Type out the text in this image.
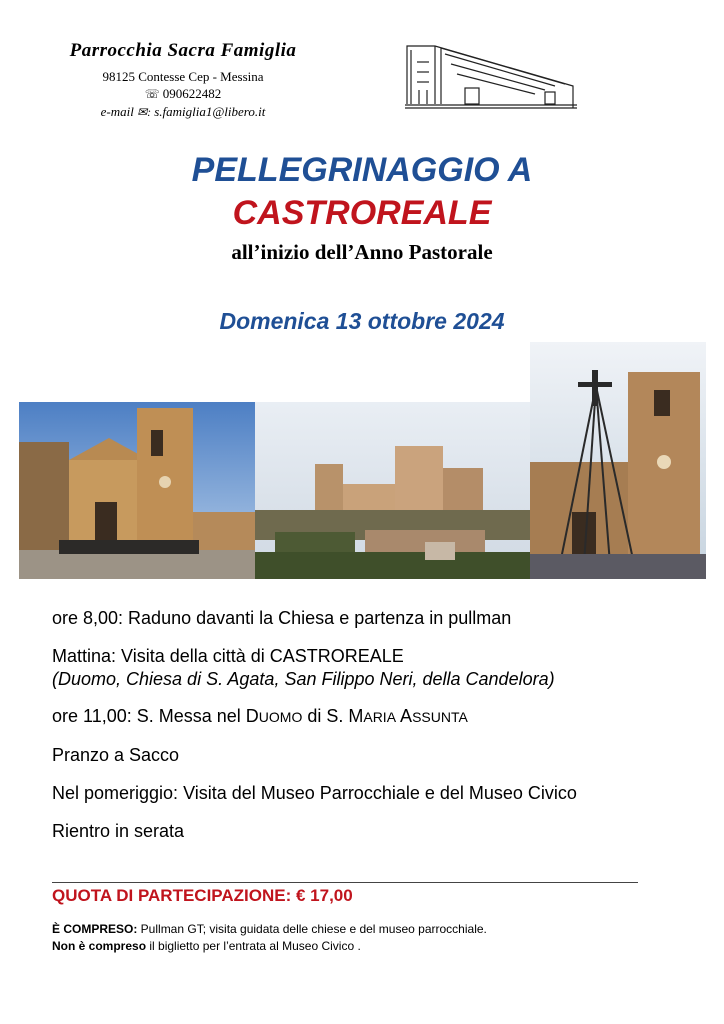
Parrocchia Sacra Famiglia
98125 Contesse Cep - Messina
☏ 090622482
e-mail ✉: s.famiglia1@libero.it
PELLEGRINAGGIO A
CASTROREALE
all’inizio dell’Anno Pastorale
Domenica 13 ottobre 2024
ore 8,00: Raduno davanti la Chiesa e partenza in pullman
Mattina: Visita della città di CASTROREALE
(Duomo, Chiesa di S. Agata, San Filippo Neri, della Candelora)
ore 11,00: S. Messa nel DUOMO di S. MARIA ASSUNTA
Pranzo a Sacco
Nel pomeriggio: Visita del Museo Parrocchiale e del Museo Civico
Rientro in serata
QUOTA DI PARTECIPAZIONE: € 17,00
È COMPRESO: Pullman GT; visita guidata delle chiese e del museo parrocchiale.
Non è compreso il biglietto per l’entrata al Museo Civico .
